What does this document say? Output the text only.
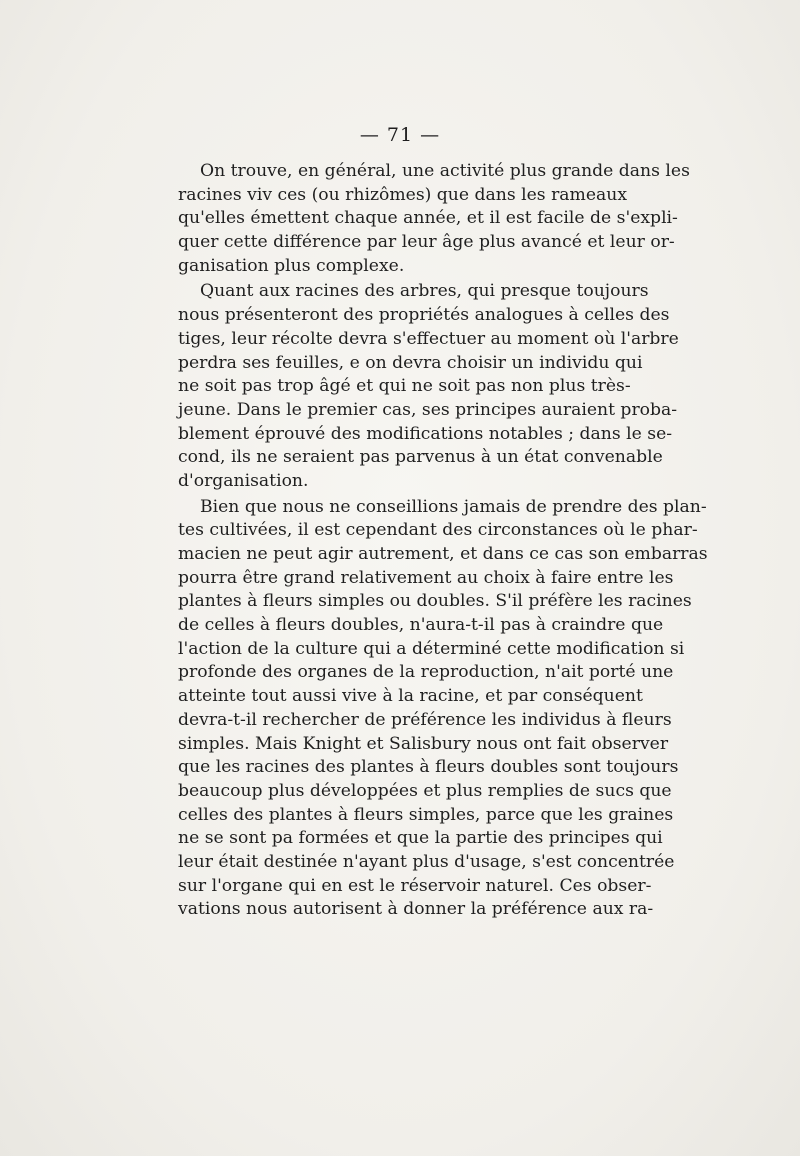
— 71 —
On trouve, en général, une activité plus grande dans les
racines viv ces (ou rhizômes) que dans les rameaux
qu'elles émettent chaque année, et il est facile de s'expli-
quer cette différence par leur âge plus avancé et leur or-
ganisation plus complexe.
Quant aux racines des arbres, qui presque toujours
nous présenteront des propriétés analogues à celles des
tiges, leur récolte devra s'effectuer au moment où l'arbre
perdra ses feuilles, e on devra choisir un individu qui
ne soit pas trop âgé et qui ne soit pas non plus très-
jeune. Dans le premier cas, ses principes auraient proba-
blement éprouvé des modifications notables ; dans le se-
cond, ils ne seraient pas parvenus à un état convenable
d'organisation.
Bien que nous ne conseillions jamais de prendre des plan-
tes cultivées, il est cependant des circonstances où le phar-
macien ne peut agir autrement, et dans ce cas son embarras
pourra être grand relativement au choix à faire entre les
plantes à fleurs simples ou doubles. S'il préfère les racines
de celles à fleurs doubles, n'aura-t-il pas à craindre que
l'action de la culture qui a déterminé cette modification si
profonde des organes de la reproduction, n'ait porté une
atteinte tout aussi vive à la racine, et par conséquent
devra-t-il rechercher de préférence les individus à fleurs
simples. Mais Knight et Salisbury nous ont fait observer
que les racines des plantes à fleurs doubles sont toujours
beaucoup plus développées et plus remplies de sucs que
celles des plantes à fleurs simples, parce que les graines
ne se sont pa formées et que la partie des principes qui
leur était destinée n'ayant plus d'usage, s'est concentrée
sur l'organe qui en est le réservoir naturel. Ces obser-
vations nous autorisent à donner la préférence aux ra-
